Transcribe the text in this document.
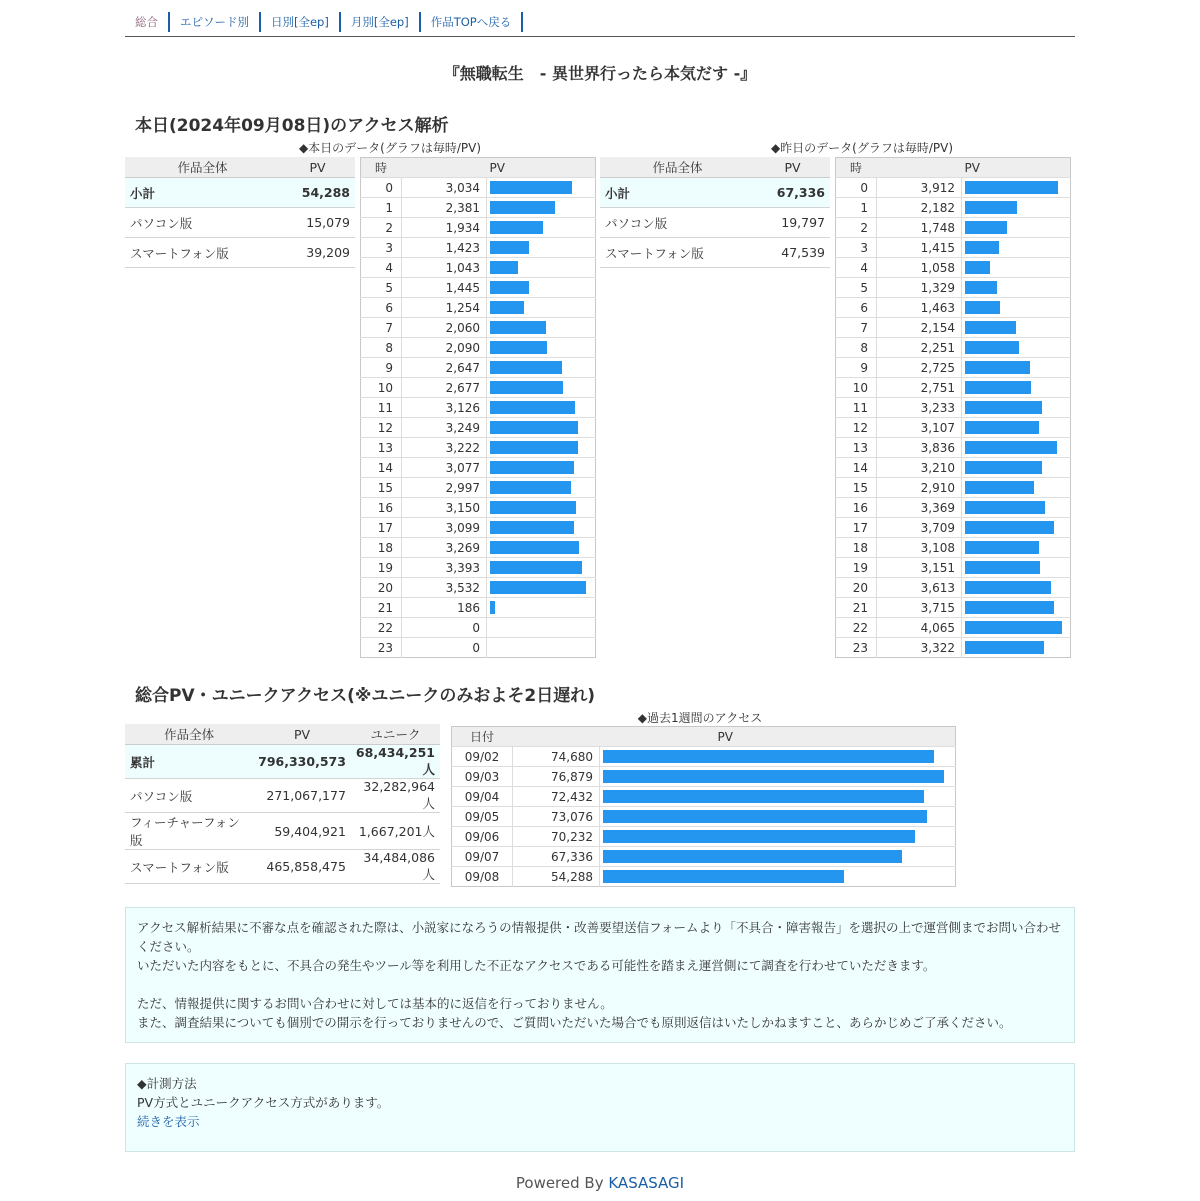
総合 エピソード別 日別[全ep] 月別[全ep] 作品TOPへ戻る
『無職転生　- 異世界行ったら本気だす -』
本日(2024年09月08日)のアクセス解析
◆本日のデータ(グラフは毎時/PV)	◆昨日のデータ(グラフは毎時/PV)
作品全体	PV
小計	54,288
パソコン版	15,079
スマートフォン版	39,209
時		PV
0	3,034	

1	2,381	

2	1,934	

3	1,423	

4	1,043	

5	1,445	

6	1,254	

7	2,060	

8	2,090	

9	2,647	

10	2,677	

11	3,126	

12	3,249	

13	3,222	

14	3,077	

15	2,997	

16	3,150	

17	3,099	

18	3,269	

19	3,393	

20	3,532	

21	186	

22	0	

23	0	
作品全体	PV
小計	67,336
パソコン版	19,797
スマートフォン版	47,539
時		PV
0	3,912	

1	2,182	

2	1,748	

3	1,415	

4	1,058	

5	1,329	

6	1,463	

7	2,154	

8	2,251	

9	2,725	

10	2,751	

11	3,233	

12	3,107	

13	3,836	

14	3,210	

15	2,910	

16	3,369	

17	3,709	

18	3,108	

19	3,151	

20	3,613	

21	3,715	

22	4,065	

23	3,322	
総合PV・ユニークアクセス(※ユニークのみおよそ2日遅れ)
作品全体	PV	ユニーク
累計	796,330,573	68,434,251人
パソコン版	271,067,177	32,282,964人
フィーチャーフォン版	59,404,921	1,667,201人
スマートフォン版	465,858,475	34,484,086人
◆過去1週間のアクセス
日付		PV
09/02	74,680	

09/03	76,879	

09/04	72,432	

09/05	73,076	

09/06	70,232	

09/07	67,336	

09/08	54,288	

アクセス解析結果に不審な点を確認された際は、小説家になろうの情報提供・改善要望送信フォームより「不具合・障害報告」を選択の上で運営側までお問い合わせください。

いただいた内容をもとに、不具合の発生やツール等を利用した不正なアクセスである可能性を踏まえ運営側にて調査を行わせていただきます。

ただ、情報提供に関するお問い合わせに対しては基本的に返信を行っておりません。

また、調査結果についても個別での開示を行っておりませんので、ご質問いただいた場合でも原則返信はいたしかねますこと、あらかじめご了承ください。

◆計測方法

PV方式とユニークアクセス方式があります。

続きを表示

Powered By KASASAGI
